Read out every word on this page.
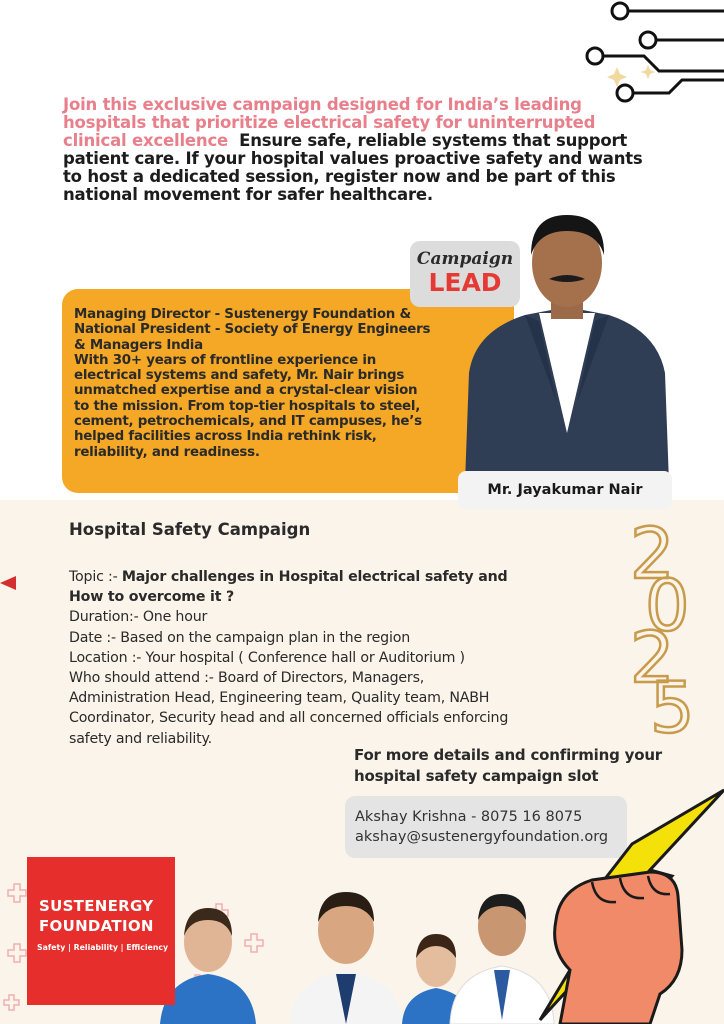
Join this exclusive campaign designed for India’s leading hospitals that prioritize electrical safety for uninterrupted clinical excellence Ensure safe, reliable systems that support patient care. If your hospital values proactive safety and wants to host a dedicated session, register now and be part of this national movement for safer healthcare.
Managing Director - Sustenergy Foundation &
National President - Society of Energy Engineers
& Managers India
With 30+ years of frontline experience in electrical systems and safety, Mr. Nair brings unmatched expertise and a crystal-clear vision to the mission. From top-tier hospitals to steel, cement, petrochemicals, and IT campuses, he’s helped facilities across India rethink risk, reliability, and readiness.
Campaign
LEAD
Mr. Jayakumar Nair
Hospital Safety Campaign
Topic :- Major challenges in Hospital electrical safety and How to overcome it ?
Duration:- One hour
Date :- Based on the campaign plan in the region
Location :- Your hospital ( Conference hall or Auditorium )
Who should attend :- Board of Directors, Managers, Administration Head, Engineering team, Quality team, NABH Coordinator, Security head and all concerned officials enforcing safety and reliability.
2
0
2
5
For more details and confirming your hospital safety campaign slot
Akshay Krishna - 8075 16 8075
akshay@sustenergyfoundation.org
SUSTENERGY
FOUNDATION
Safety | Reliability | Efficiency
